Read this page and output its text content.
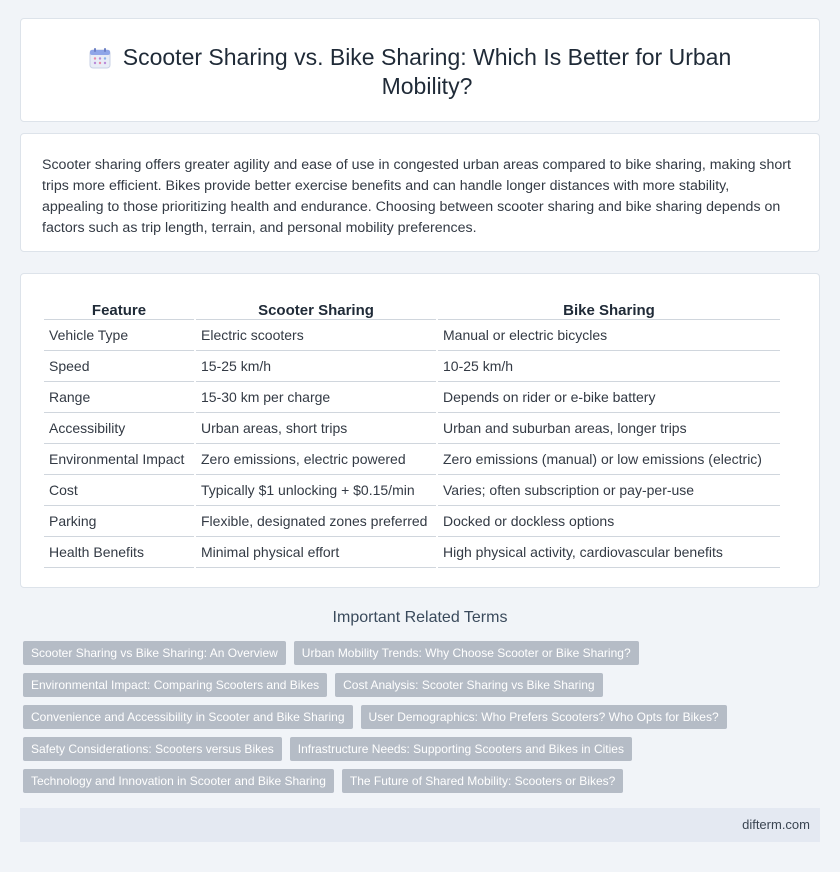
Scooter Sharing vs. Bike Sharing: Which Is Better for Urban Mobility?

Scooter sharing offers greater agility and ease of use in congested urban areas compared to bike sharing, making short trips more efficient. Bikes provide better exercise benefits and can handle longer distances with more stability, appealing to those prioritizing health and endurance. Choosing between scooter sharing and bike sharing depends on factors such as trip length, terrain, and personal mobility preferences.

Feature	Scooter Sharing	Bike Sharing
Vehicle Type	Electric scooters	Manual or electric bicycles
Speed	15-25 km/h	10-25 km/h
Range	15-30 km per charge	Depends on rider or e-bike battery
Accessibility	Urban areas, short trips	Urban and suburban areas, longer trips
Environmental Impact	Zero emissions, electric powered	Zero emissions (manual) or low emissions (electric)
Cost	Typically $1 unlocking + $0.15/min	Varies; often subscription or pay-per-use
Parking	Flexible, designated zones preferred	Docked or dockless options
Health Benefits	Minimal physical effort	High physical activity, cardiovascular benefits
Important Related Terms
Scooter Sharing vs Bike Sharing: An Overview	Urban Mobility Trends: Why Choose Scooter or Bike Sharing?
Environmental Impact: Comparing Scooters and Bikes	Cost Analysis: Scooter Sharing vs Bike Sharing
Convenience and Accessibility in Scooter and Bike Sharing	User Demographics: Who Prefers Scooters? Who Opts for Bikes?
Safety Considerations: Scooters versus Bikes	Infrastructure Needs: Supporting Scooters and Bikes in Cities
Technology and Innovation in Scooter and Bike Sharing	The Future of Shared Mobility: Scooters or Bikes?
difterm.com
